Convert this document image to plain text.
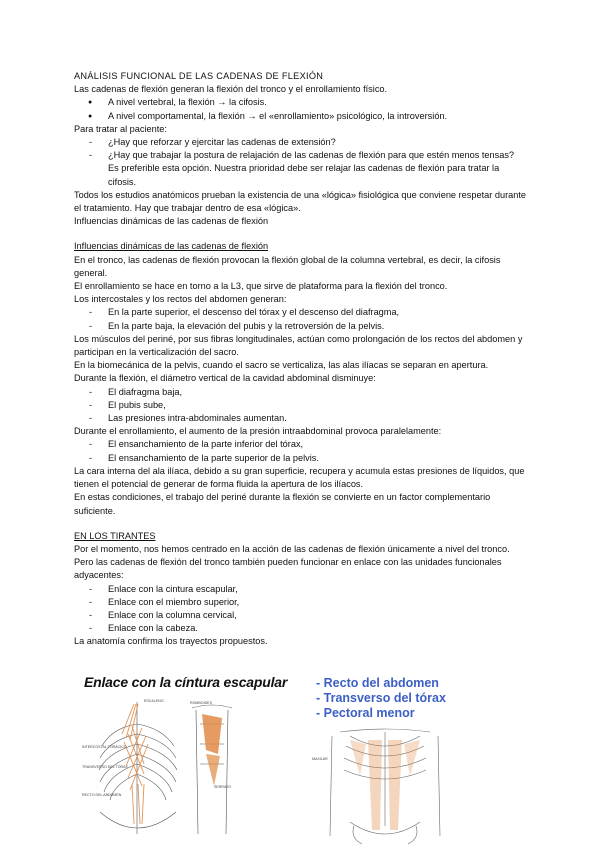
ANÁLISIS FUNCIONAL DE LAS CADENAS DE FLEXIÓN

Las cadenas de flexión generan la flexión del tronco y el enrollamiento físico.

● A nivel vertebral, la flexión → la cifosis.
● A nivel comportamental, la flexión → el «enrollamiento» psicológico, la introversión.

Para tratar al paciente:

- ¿Hay que reforzar y ejercitar las cadenas de extensión?
- ¿Hay que trabajar la postura de relajación de las cadenas de flexión para que estén menos tensas? Es preferible esta opción. Nuestra prioridad debe ser relajar las cadenas de flexión para tratar la cifosis.

Todos los estudios anatómicos prueban la existencia de una «lógica» fisiológica que conviene respetar durante el tratamiento. Hay que trabajar dentro de esa «lógica».

Influencias dinámicas de las cadenas de flexión

Influencias dinámicas de las cadenas de flexión

En el tronco, las cadenas de flexión provocan la flexión global de la columna vertebral, es decir, la cifosis general.

El enrollamiento se hace en torno a la L3, que sirve de plataforma para la flexión del tronco.

Los intercostales y los rectos del abdomen generan:

- En la parte superior, el descenso del tórax y el descenso del diafragma,
- En la parte baja, la elevación del pubis y la retroversión de la pelvis.

Los músculos del periné, por sus fibras longitudinales, actúan como prolongación de los rectos del abdomen y participan en la verticalización del sacro.

En la biomecánica de la pelvis, cuando el sacro se verticaliza, las alas ilíacas se separan en apertura.

Durante la flexión, el diámetro vertical de la cavidad abdominal disminuye:

- El diafragma baja,
- El pubis sube,
- Las presiones intra-abdominales aumentan.

Durante el enrollamiento, el aumento de la presión intraabdominal provoca paralelamente:

- El ensanchamiento de la parte inferior del tórax,
- El ensanchamiento de la parte superior de la pelvis.

La cara interna del ala ilíaca, debido a su gran superficie, recupera y acumula estas presiones de líquidos, que tienen el potencial de generar de forma fluida la apertura de los ilíacos.

En estas condiciones, el trabajo del periné durante la flexión se convierte en un factor complementario suficiente.

EN LOS TIRANTES

Por el momento, nos hemos centrado en la acción de las cadenas de flexión únicamente a nivel del tronco.

Pero las cadenas de flexión del tronco también pueden funcionar en enlace con las unidades funcionales adyacentes:

- Enlace con la cintura escapular,
- Enlace con el miembro superior,
- Enlace con la columna cervical,
- Enlace con la cabeza.

La anatomía confirma los trayectos propuestos.

Enlace con la cíntura escapular
ESCALENO
INTERCOSTAL TORÁCICO
TRANSVERSO DEL TÓRAX
RECTO DEL ABDOMEN
ROMBOIDES
SERRATO
- Recto del abdomen
- Transverso del tórax
- Pectoral menor
MAXILAR
